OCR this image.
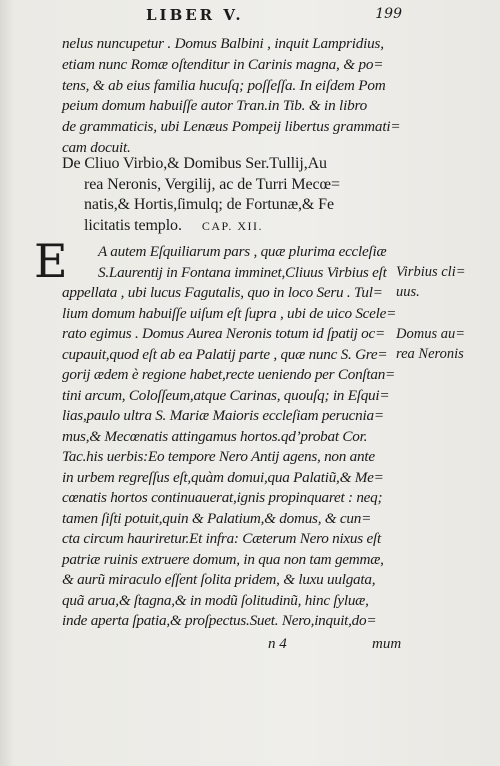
LIBER V.	199
nelus nuncupetur . Domus Balbini , inquit Lampridius,
etiam nunc Romæ oſtenditur in Carinis magna, & po=
tens, & ab eius familia hucuſq; poſſeſſa. In eiſdem Pom
peium domum habuiſſe autor Tran.in Tib. & in libro
de grammaticis, ubi Lenæus Pompeij libertus grammati=
cam docuit.
De Cliuo Virbio,& Domibus Ser.Tullij,Au
rea Neronis, Vergilij, ac de Turri Mecœ=
natis,& Hortis,ſimulq; de Fortunæ,& Fe
licitatis templo. CAP. XII.
E	A autem Eſquiliarum pars , quæ plurima eccleſiæ
S.Laurentij in Fontana imminet,Cliuus Virbius eſt
appellata , ubi lucus Fagutalis, quo in loco Seru . Tul=
lium domum habuiſſe uiſum eſt ſupra , ubi de uico Scele=
rato egimus . Domus Aurea Neronis totum id ſpatij oc=
cupauit,quod eſt ab ea Palatij parte , quæ nunc S. Gre=
gorij ædem è regione habet,recte ueniendo per Conſtan=
tini arcum, Coloſſeum,atque Carinas, quouſq; in Eſqui=
lias,paulo ultra S. Mariæ Maioris eccleſiam perucnia=
mus,& Mecœnatis attingamus hortos.qd’probat Cor.
Tac.his uerbis:Eo tempore Nero Antij agens, non ante
in urbem regreſſus eſt,quàm domui,qua Palatiũ,& Me=
cœnatis hortos continuauerat,ignis propinquaret : neq;
tamen ſiſti potuit,quin & Palatium,& domus, & cun=
cta circum hauriretur.Et infra: Cæterum Nero nixus eſt
patriæ ruinis extruere domum, in qua non tam gemmæ,
& aurũ miraculo eſſent ſolita pridem, & luxu uulgata,
quã arua,& ſtagna,& in modũ ſolitudinũ, hinc ſyluæ,
inde aperta ſpatia,& proſpectus.Suet. Nero,inquit,do=
Virbius cli=
uus.
Domus au=
rea Neronis
n 4	mum
